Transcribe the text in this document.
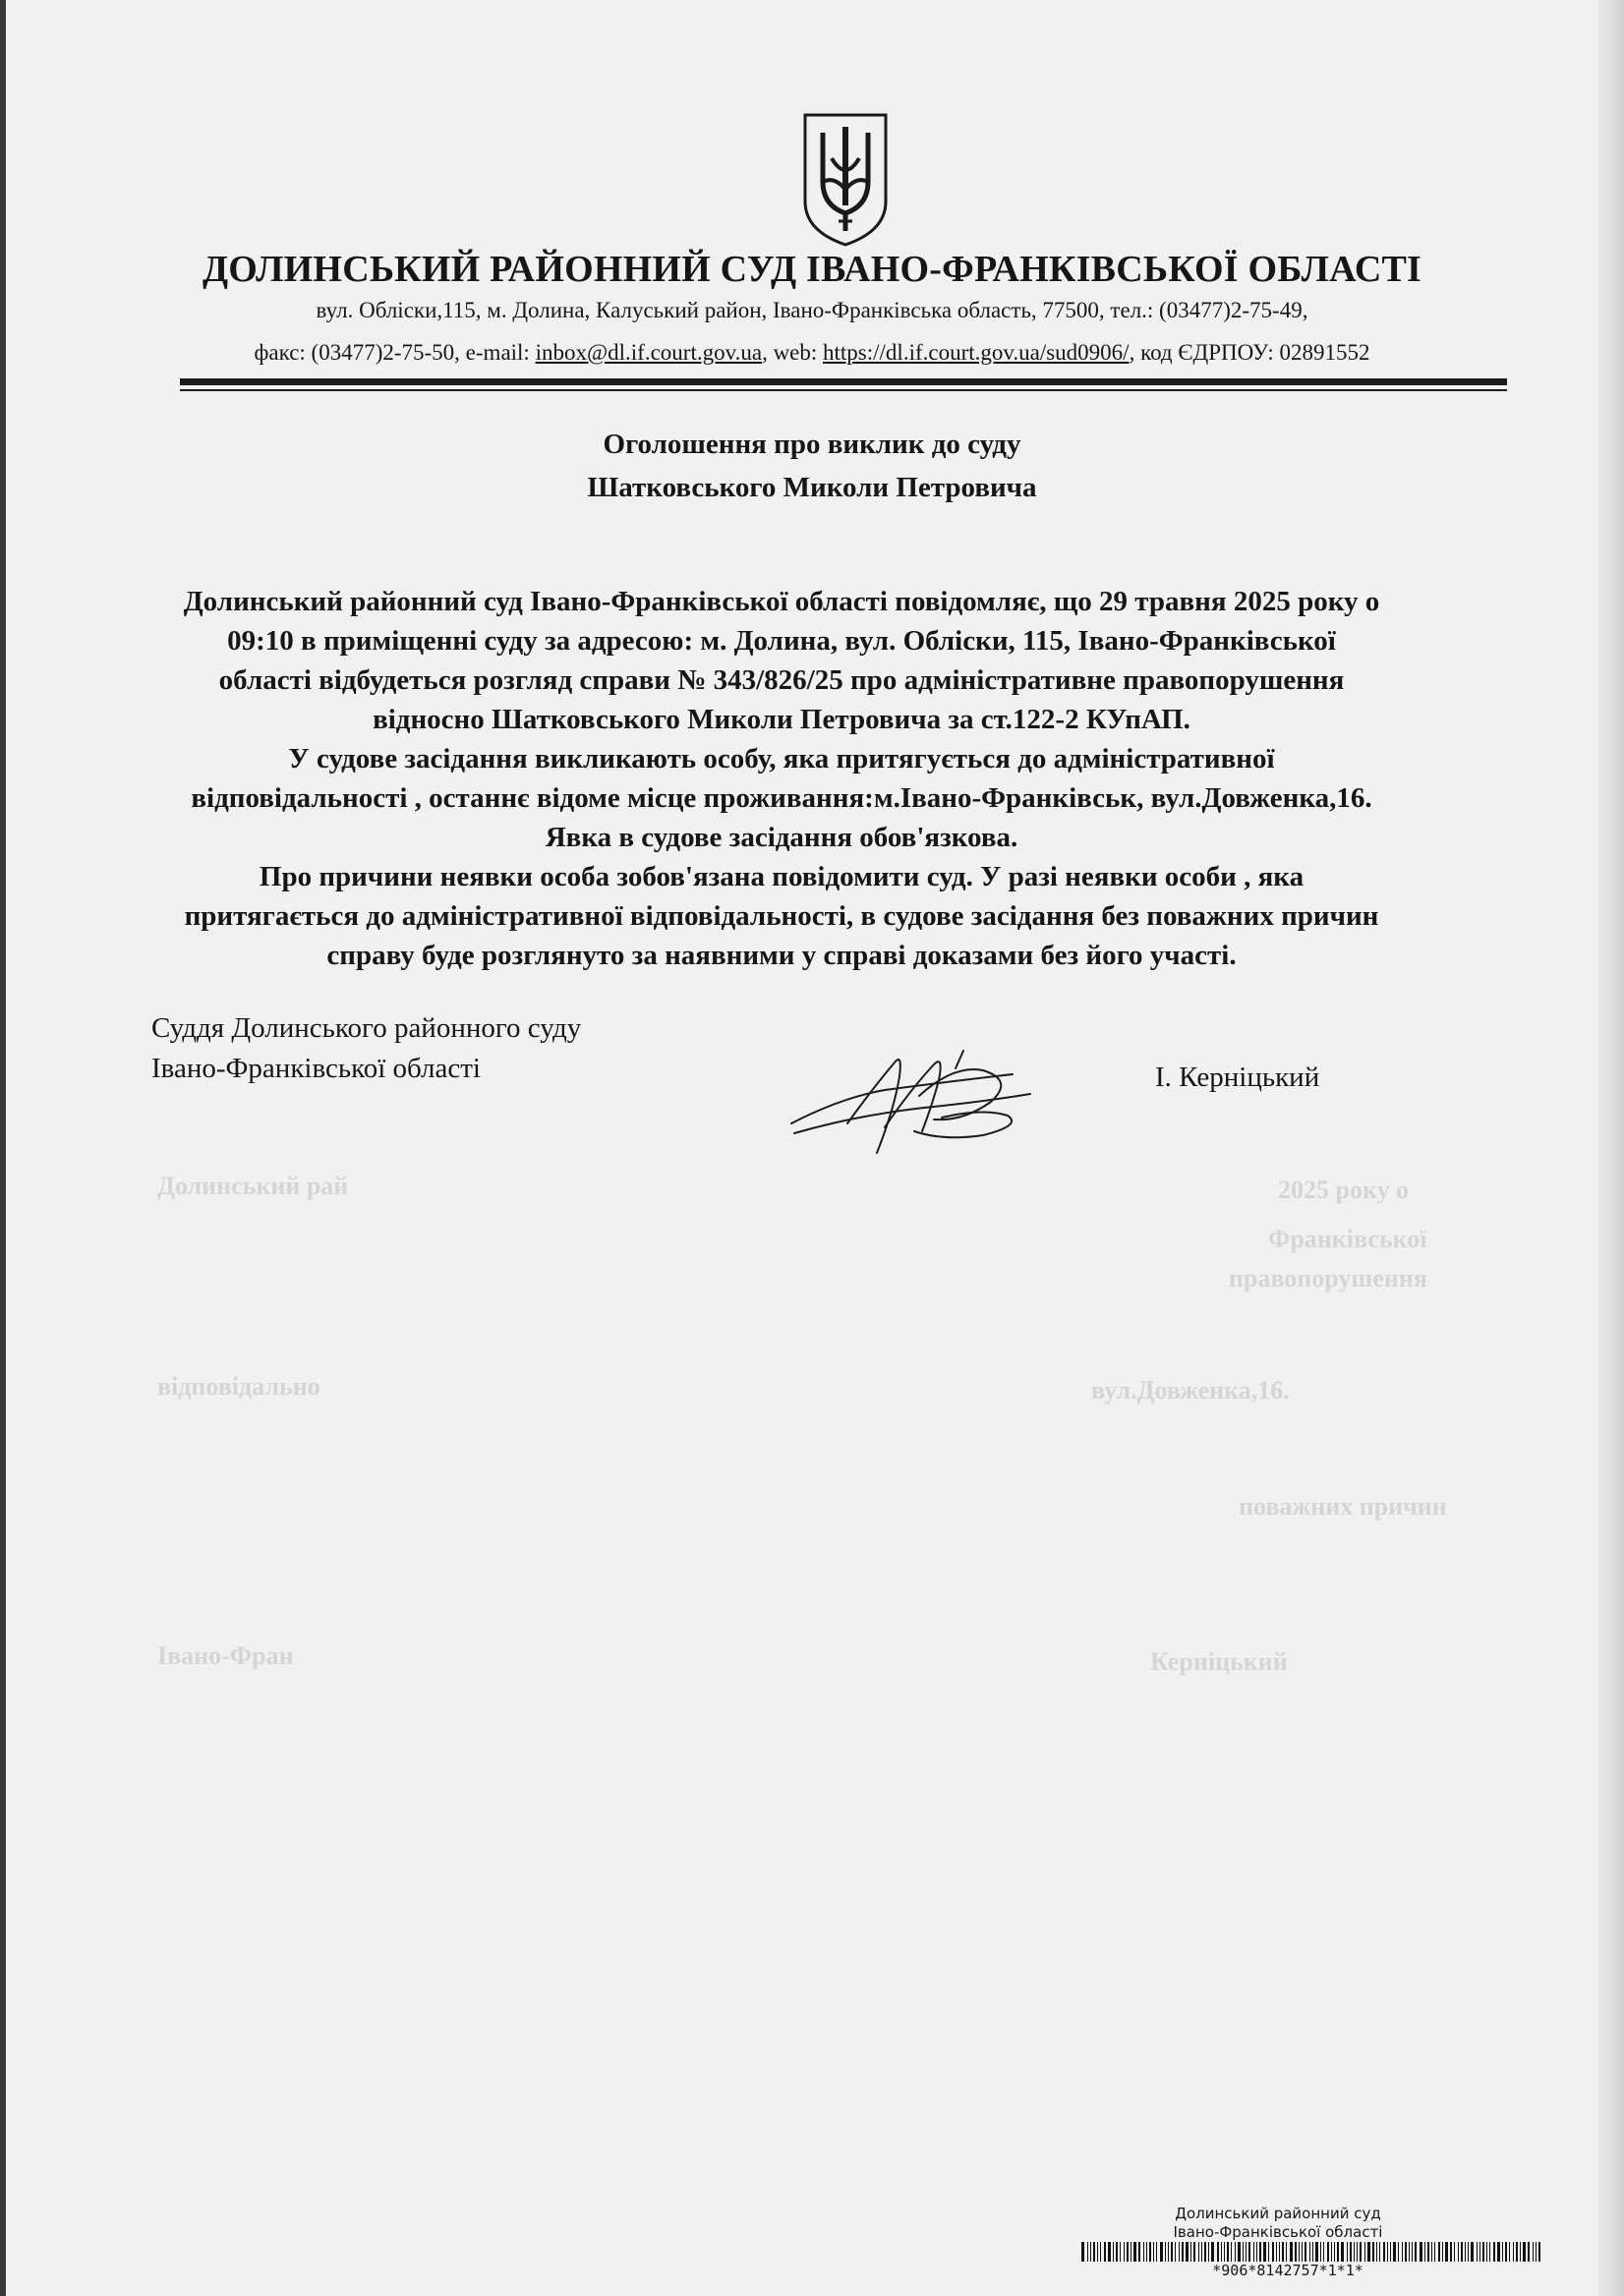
Долинський рай	2025 року о
Франківської
правопорушення
відповідально	вул.Довженка,16.
поважних причин
Івано-Фран	Керніцький
ДОЛИНСЬКИЙ РАЙОННИЙ СУД ІВАНО-ФРАНКІВСЬКОЇ ОБЛАСТІ
вул. Обліски,115, м. Долина, Калуський район, Івано-Франківська область, 77500, тел.: (03477)2-75-49,
факс: (03477)2-75-50, e-mail: inbox@dl.if.court.gov.ua, web: https://dl.if.court.gov.ua/sud0906/, код ЄДРПОУ: 02891552
Оголошення про виклик до суду
Шатковського Миколи Петровича
Долинський районний суд Івано-Франківської області повідомляє, що 29 травня 2025 року о
09:10 в приміщенні суду за адресою: м. Долина, вул. Обліски, 115, Івано-Франківської
області відбудеться розгляд справи № 343/826/25 про адміністративне правопорушення
відносно Шатковського Миколи Петровича за ст.122-2 КУпАП.
У судове засідання викликають особу, яка притягується до адміністративної
відповідальності , останнє відоме місце проживання:м.Івано-Франківськ, вул.Довженка,16.
Явка в судове засідання обов'язкова.
Про причини неявки особа зобов'язана повідомити суд. У разі неявки особи , яка
притягається до адміністративної відповідальності, в судове засідання без поважних причин
справу буде розглянуто за наявними у справі доказами без його участі.
Суддя Долинського районного суду
Івано-Франківської області	І. Керніцький
Долинський районний суд
Івано-Франківської області
*906*8142757*1*1*
